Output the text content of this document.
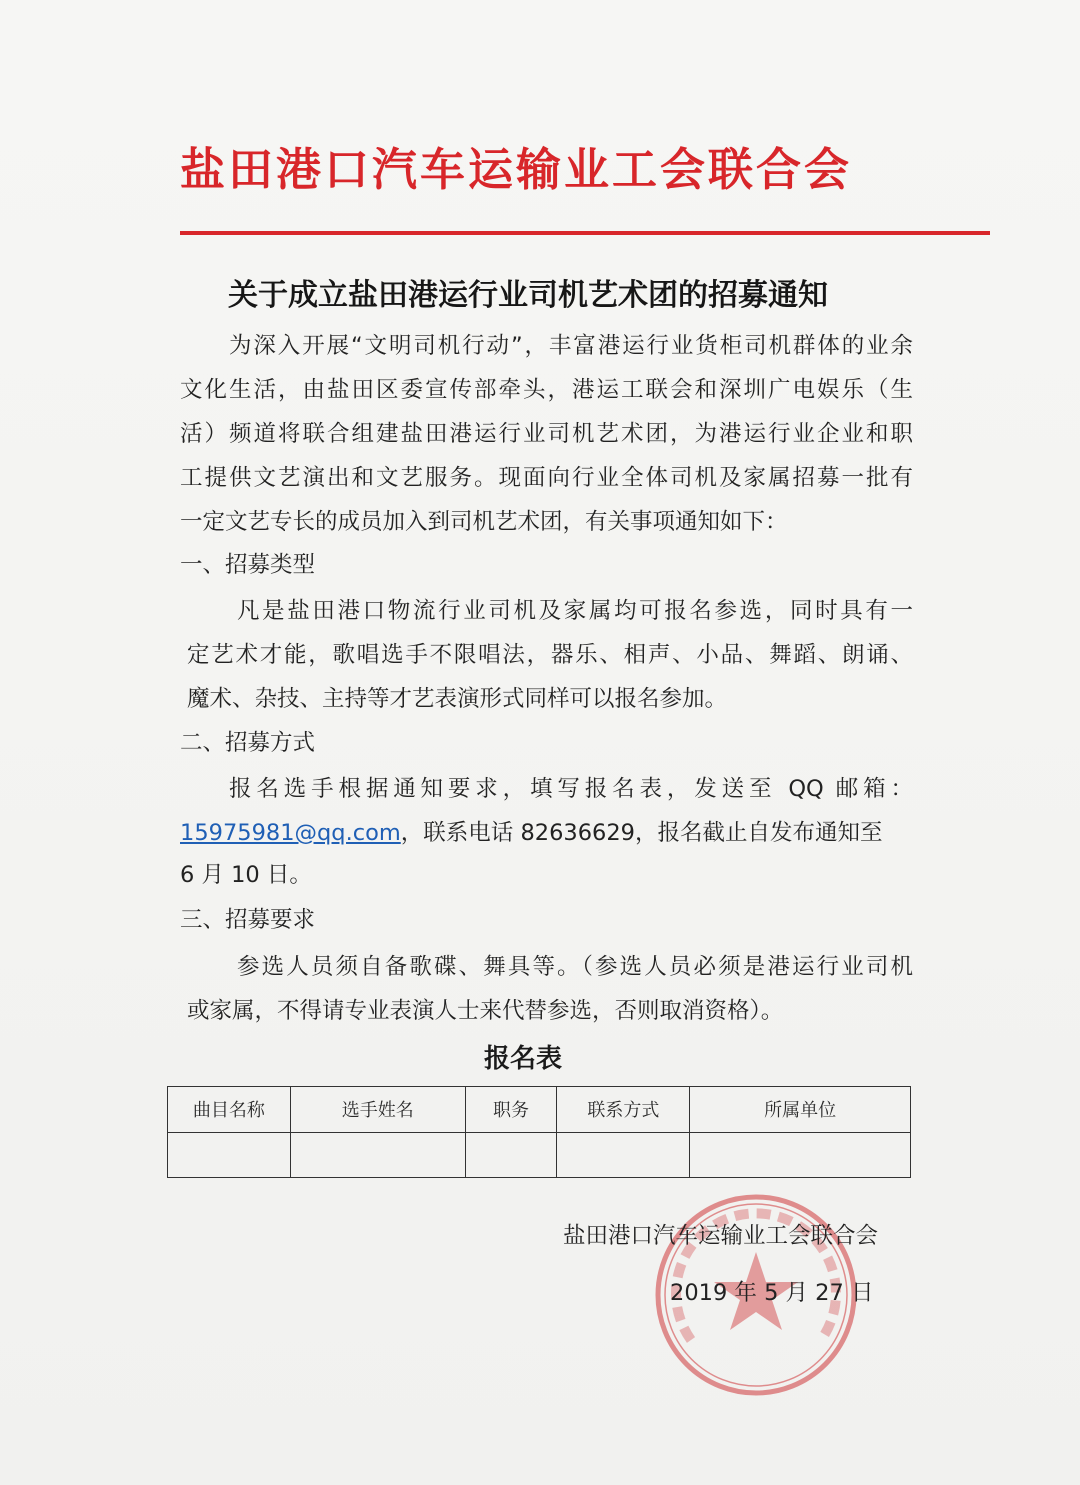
盐田港口汽车运输业工会联合会
关于成立盐田港运行业司机艺术团的招募通知
为深入开展“文明司机行动”，丰富港运行业货柜司机群体的业余
文化生活，由盐田区委宣传部牵头，港运工联会和深圳广电娱乐（生
活）频道将联合组建盐田港运行业司机艺术团，为港运行业企业和职
工提供文艺演出和文艺服务。现面向行业全体司机及家属招募一批有
一定文艺专长的成员加入到司机艺术团，有关事项通知如下：
一、招募类型
凡是盐田港口物流行业司机及家属均可报名参选，同时具有一
定艺术才能，歌唱选手不限唱法，器乐、相声、小品、舞蹈、朗诵、
魔术、杂技、主持等才艺表演形式同样可以报名参加。
二、招募方式
报名选手根据通知要求，填写报名表，发送至 QQ 邮箱：
15975981@qq.com，联系电话 82636629，报名截止自发布通知至
6 月 10 日。
三、招募要求
参选人员须自备歌碟、舞具等。（参选人员必须是港运行业司机
或家属，不得请专业表演人士来代替参选，否则取消资格）。
报名表
曲目名称	选手姓名	职务	联系方式	所属单位

盐田港口汽车运输业工会联合会
2019 年 5 月 27 日
